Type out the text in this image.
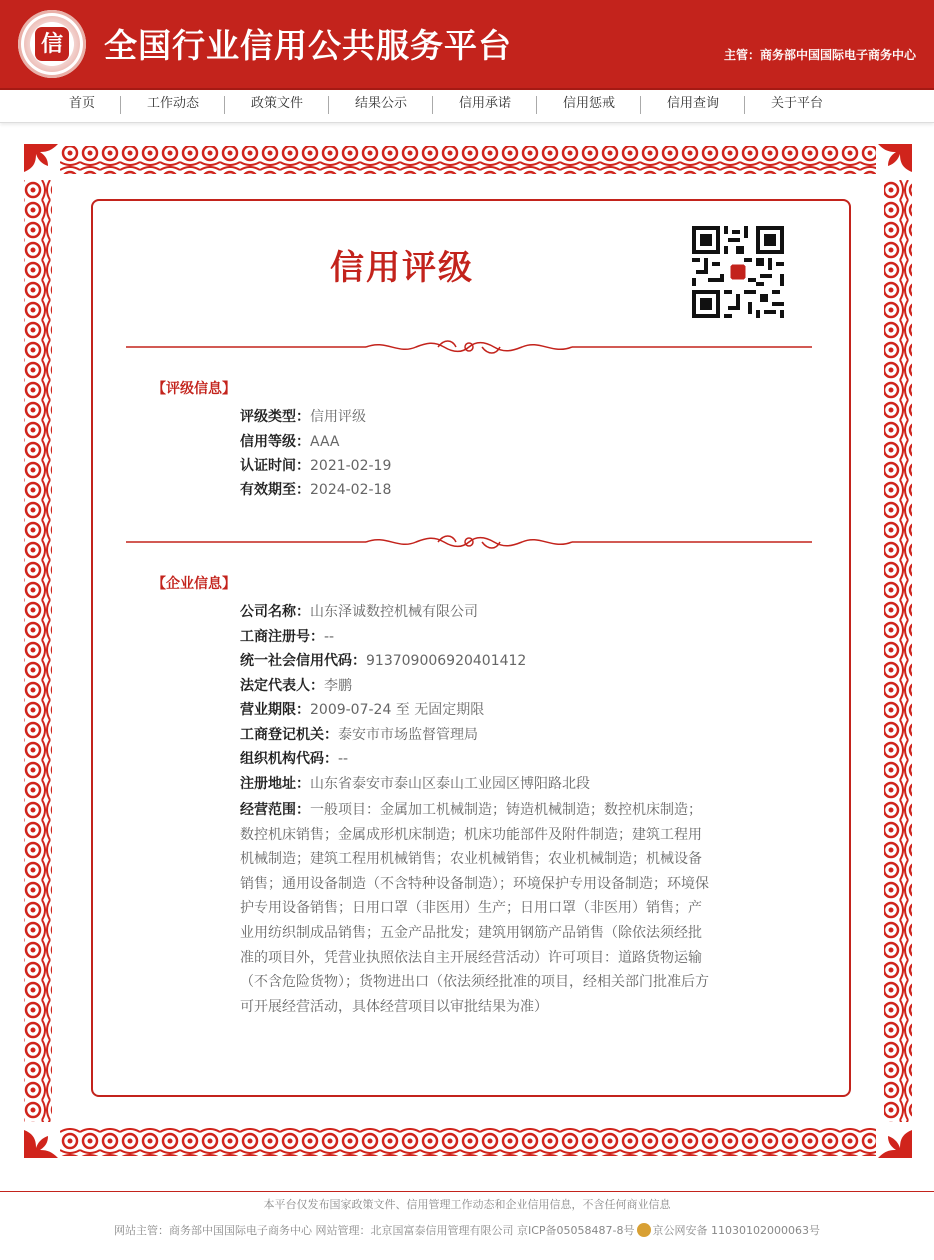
信 全国行业信用公共服务平台	主管：商务部中国国际电子商务中心
首页	工作动态	政策文件	结果公示	信用承诺	信用惩戒	信用查询	关于平台
信用评级
【评级信息】
评级类型：信用评级
信用等级：AAA
认证时间：2021-02-19
有效期至：2024-02-18
【企业信息】
公司名称：山东泽诚数控机械有限公司
工商注册号：--
统一社会信用代码：913709006920401412
法定代表人：李鹏
营业期限：2009-07-24 至 无固定期限
工商登记机关：泰安市市场监督管理局
组织机构代码：--
注册地址：山东省泰安市泰山区泰山工业园区博阳路北段
经营范围：一般项目：金属加工机械制造；铸造机械制造；数控机床制造；数控机床销售；金属成形机床制造；机床功能部件及附件制造；建筑工程用机械制造；建筑工程用机械销售；农业机械销售；农业机械制造；机械设备销售；通用设备制造（不含特种设备制造）；环境保护专用设备制造；环境保护专用设备销售；日用口罩（非医用）生产；日用口罩（非医用）销售；产业用纺织制成品销售；五金产品批发；建筑用钢筋产品销售（除依法须经批准的项目外，凭营业执照依法自主开展经营活动）许可项目：道路货物运输（不含危险货物）；货物进出口（依法须经批准的项目，经相关部门批准后方可开展经营活动，具体经营项目以审批结果为准）
本平台仅发布国家政策文件、信用管理工作动态和企业信用信息，不含任何商业信息
网站主管：商务部中国国际电子商务中心 网站管理：北京国富泰信用管理有限公司 京ICP备05058487-8号 京公网安备 11030102000063号
